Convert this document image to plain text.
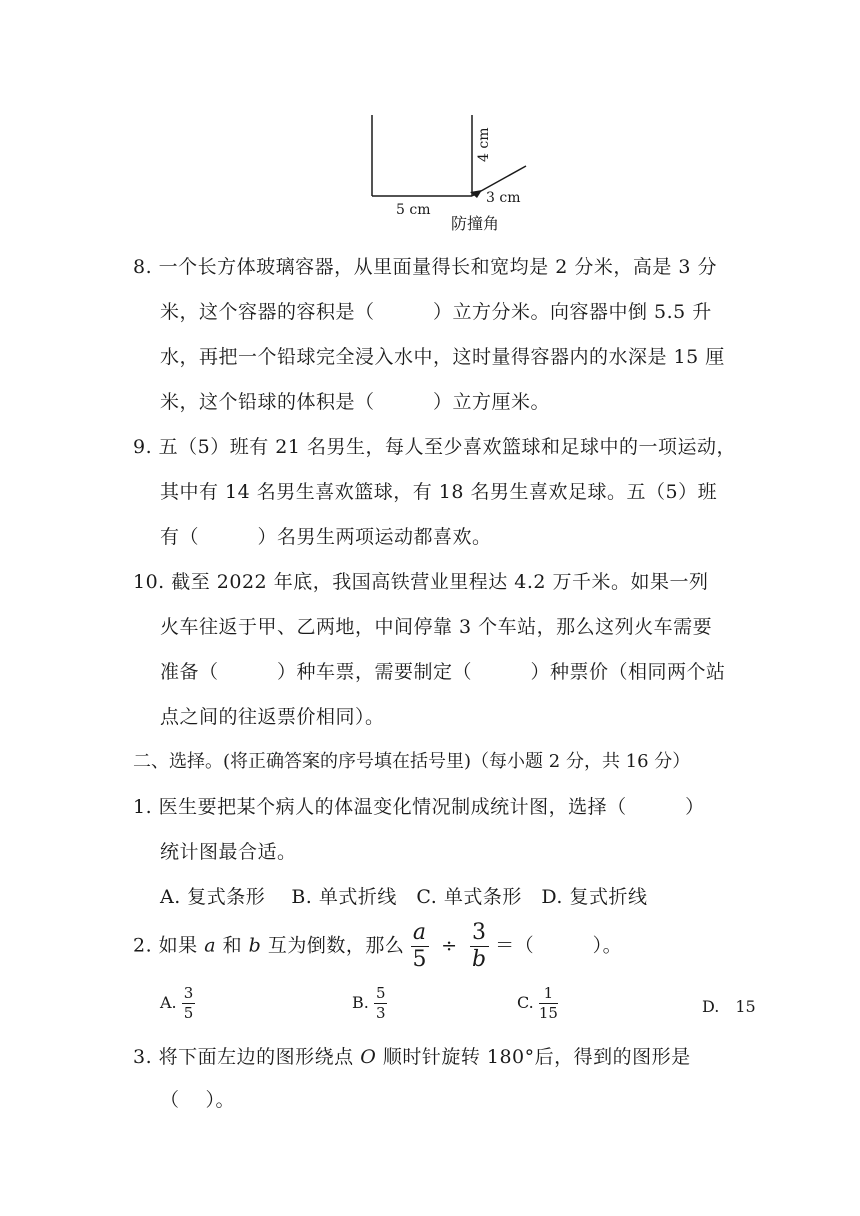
4 cm
3 cm
5 cm
防撞角
8. 一个长方体玻璃容器，从里面量得长和宽均是 2 分米，高是 3 分
米，这个容器的容积是（　　　）立方分米。向容器中倒 5.5 升
水，再把一个铅球完全浸入水中，这时量得容器内的水深是 15 厘
米，这个铅球的体积是（　　　）立方厘米。
9. 五（5）班有 21 名男生，每人至少喜欢篮球和足球中的一项运动，
其中有 14 名男生喜欢篮球，有 18 名男生喜欢足球。五（5）班
有（　　　）名男生两项运动都喜欢。
10. 截至 2022 年底，我国高铁营业里程达 4.2 万千米。如果一列
火车往返于甲、乙两地，中间停靠 3 个车站，那么这列火车需要
准备（　　　）种车票，需要制定（　　　）种票价（相同两个站
点之间的往返票价相同）。
二、选择。(将正确答案的序号填在括号里)（每小题 2 分，共 16 分）
1. 医生要把某个病人的体温变化情况制成统计图，选择（　　　）
统计图最合适。
A. 复式条形　 B. 单式折线　C. 单式条形　D. 复式折线
2. 如果 a 和 b 互为倒数，那么 $\frac{a}{5} \div \frac{3}{b}$ ＝（　　　）。
A. $\frac{3}{5}$	B. $\frac{5}{3}$	C. $\frac{1}{15}$	D.　15
3. 将下面左边的图形绕点 O 顺时针旋转 180°后，得到的图形是
（　 ）。
